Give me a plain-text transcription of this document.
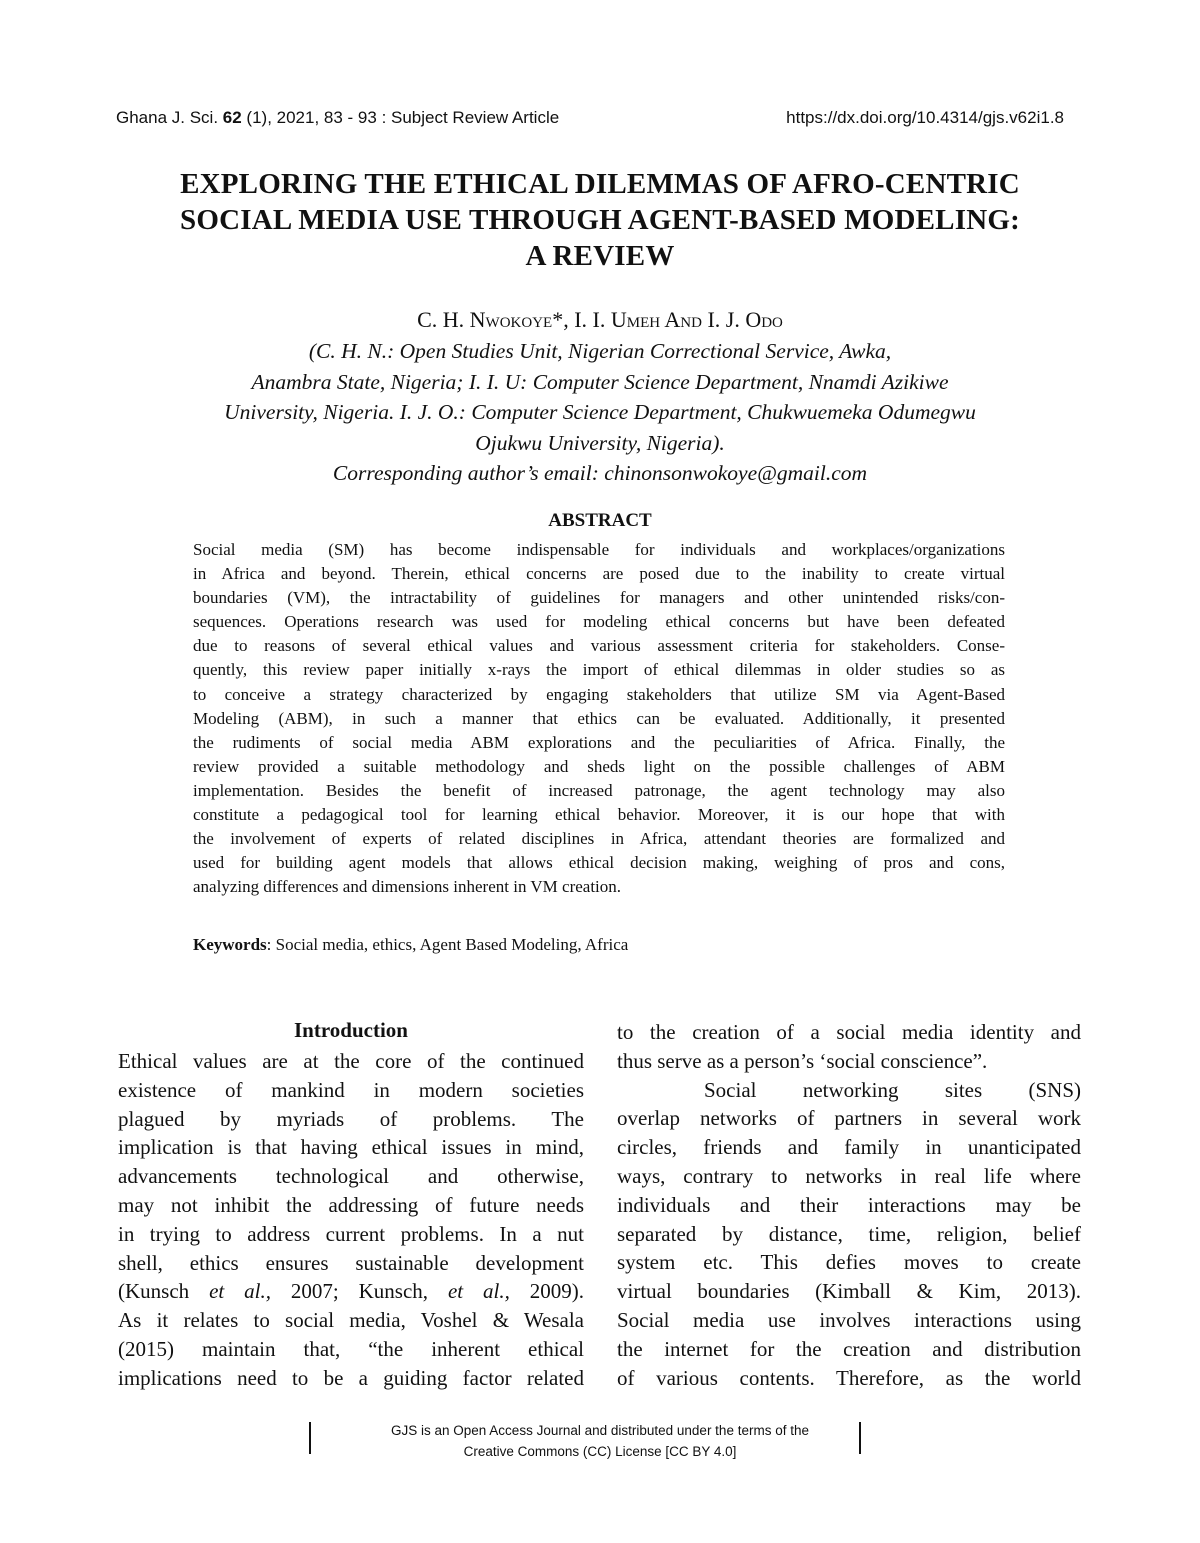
Ghana J. Sci. 62 (1), 2021, 83 - 93 : Subject Review Article	https://dx.doi.org/10.4314/gjs.v62i1.8
EXPLORING THE ETHICAL DILEMMAS OF AFRO-CENTRIC
SOCIAL MEDIA USE THROUGH AGENT-BASED MODELING:
A REVIEW
C. H. Nwokoye*, I. I. Umeh And I. J. Odo
(C. H. N.: Open Studies Unit, Nigerian Correctional Service, Awka,
Anambra State, Nigeria; I. I. U: Computer Science Department, Nnamdi Azikiwe
University, Nigeria. I. J. O.: Computer Science Department, Chukwuemeka Odumegwu
Ojukwu University, Nigeria).
Corresponding author’s email: chinonsonwokoye@gmail.com
ABSTRACT
Social media (SM) has become indispensable for individuals and workplaces/organizations
in Africa and beyond. Therein, ethical concerns are posed due to the inability to create virtual
boundaries (VM), the intractability of guidelines for managers and other unintended risks/con-
sequences. Operations research was used for modeling ethical concerns but have been defeated
due to reasons of several ethical values and various assessment criteria for stakeholders. Conse-
quently, this review paper initially x-rays the import of ethical dilemmas in older studies so as
to conceive a strategy characterized by engaging stakeholders that utilize SM via Agent-Based
Modeling (ABM), in such a manner that ethics can be evaluated. Additionally, it presented
the rudiments of social media ABM explorations and the peculiarities of Africa. Finally, the
review provided a suitable methodology and sheds light on the possible challenges of ABM
implementation. Besides the benefit of increased patronage, the agent technology may also
constitute a pedagogical tool for learning ethical behavior. Moreover, it is our hope that with
the involvement of experts of related disciplines in Africa, attendant theories are formalized and
used for building agent models that allows ethical decision making, weighing of pros and cons,
analyzing differences and dimensions inherent in VM creation.
Keywords: Social media, ethics, Agent Based Modeling, Africa
Introduction
Ethical values are at the core of the continued
existence of mankind in modern societies
plagued by myriads of problems. The
implication is that having ethical issues in mind,
advancements technological and otherwise,
may not inhibit the addressing of future needs
in trying to address current problems. In a nut
shell, ethics ensures sustainable development
(Kunsch et al., 2007; Kunsch, et al., 2009).
As it relates to social media, Voshel & Wesala
(2015) maintain that, “the inherent ethical
implications need to be a guiding factor related
to the creation of a social media identity and
thus serve as a person’s ‘social conscience”.
Social networking sites (SNS)
overlap networks of partners in several work
circles, friends and family in unanticipated
ways, contrary to networks in real life where
individuals and their interactions may be
separated by distance, time, religion, belief
system etc. This defies moves to create
virtual boundaries (Kimball & Kim, 2013).
Social media use involves interactions using
the internet for the creation and distribution
of various contents. Therefore, as the world
GJS is an Open Access Journal and distributed under the terms of the
Creative Commons (CC) License [CC BY 4.0]
